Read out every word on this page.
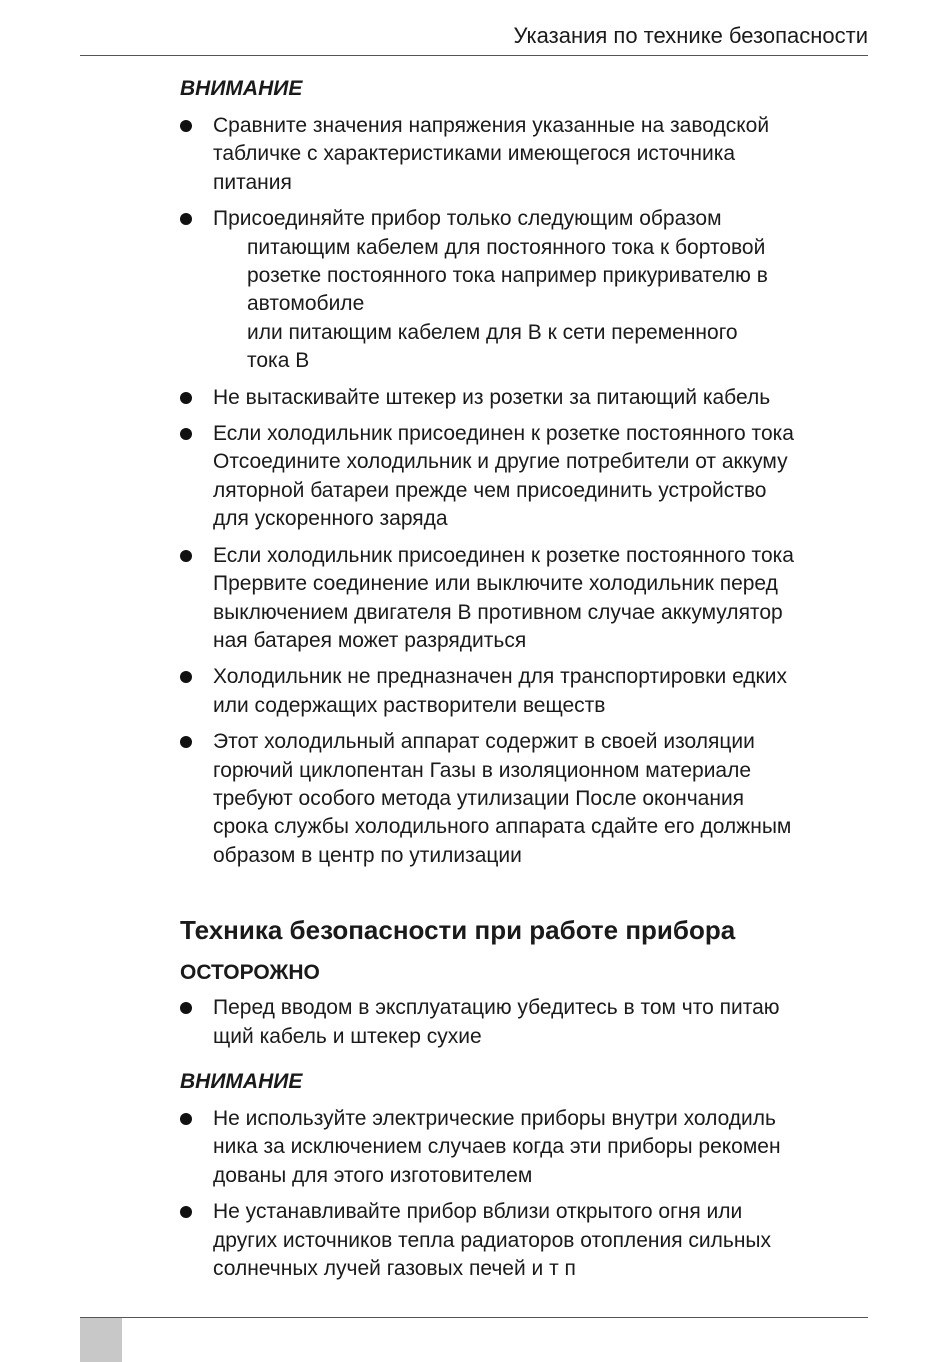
Указания по технике безопасности
ВНИМАНИЕ
Сравните значения напряжения указанные на заводской
табличке с характеристиками имеющегося источника
питания
Присоединяйте прибор только следующим образом
питающим кабелем для постоянного тока к бортовой
розетке постоянного тока например прикуривателю в
автомобиле
или питающим кабелем для В к сети переменного
тока В
Не вытаскивайте штекер из розетки за питающий кабель
Если холодильник присоединен к розетке постоянного тока
Отсоедините холодильник и другие потребители от аккуму
ляторной батареи прежде чем присоединить устройство
для ускоренного заряда
Если холодильник присоединен к розетке постоянного тока
Прервите соединение или выключите холодильник перед
выключением двигателя В противном случае аккумулятор
ная батарея может разрядиться
Холодильник не предназначен для транспортировки едких
или содержащих растворители веществ
Этот холодильный аппарат содержит в своей изоляции
горючий циклопентан Газы в изоляционном материале
требуют особого метода утилизации После окончания
срока службы холодильного аппарата сдайте его должным
образом в центр по утилизации
Техника безопасности при работе прибора
ОСТОРОЖНО
Перед вводом в эксплуатацию убедитесь в том что питаю
щий кабель и штекер сухие
ВНИМАНИЕ
Не используйте электрические приборы внутри холодиль
ника за исключением случаев когда эти приборы рекомен
дованы для этого изготовителем
Не устанавливайте прибор вблизи открытого огня или
других источников тепла радиаторов отопления сильных
солнечных лучей газовых печей и т п
